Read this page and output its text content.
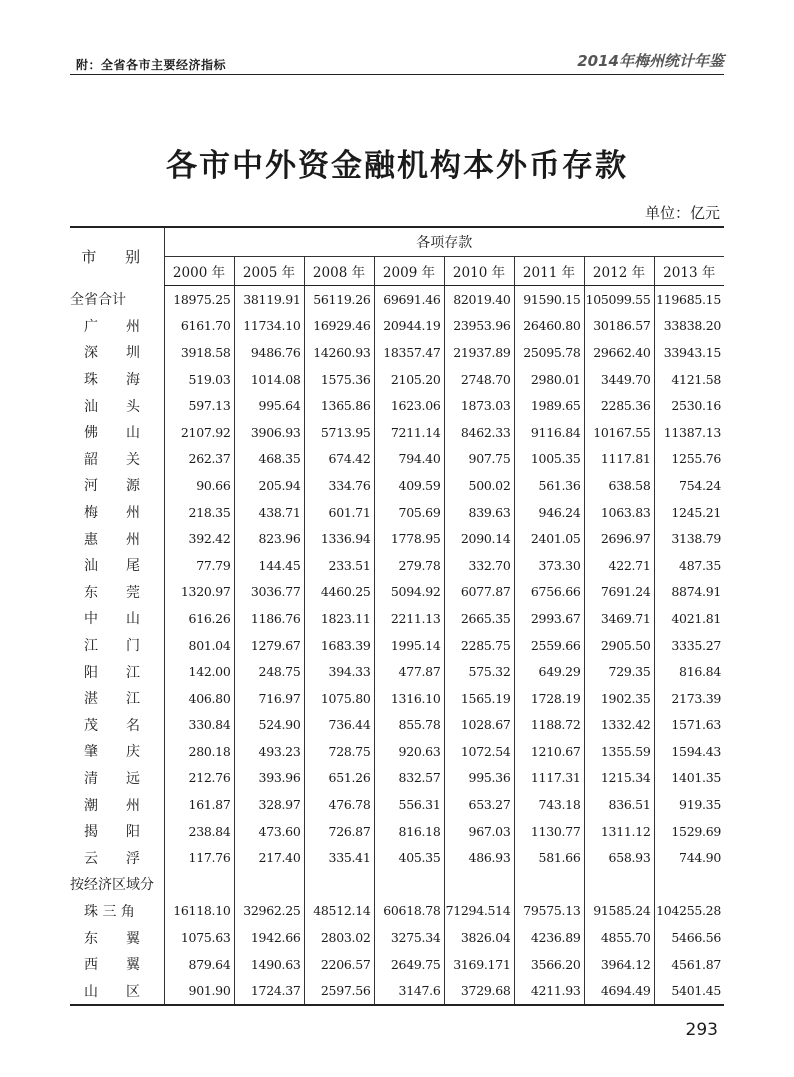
附：全省各市主要经济指标	2014年梅州统计年鉴
各市中外资金融机构本外币存款
单位：亿元
市 别	各项存款							
	2000 年	2005 年	2008 年	2009 年	2010 年	2011 年	2012 年	2013 年
全省合计	18975.25	38119.91	56119.26	69691.46	82019.40	91590.15	105099.55	119685.15
广　　州	6161.70	11734.10	16929.46	20944.19	23953.96	26460.80	30186.57	33838.20
深　　圳	3918.58	9486.76	14260.93	18357.47	21937.89	25095.78	29662.40	33943.15
珠　　海	519.03	1014.08	1575.36	2105.20	2748.70	2980.01	3449.70	4121.58
汕　　头	597.13	995.64	1365.86	1623.06	1873.03	1989.65	2285.36	2530.16
佛　　山	2107.92	3906.93	5713.95	7211.14	8462.33	9116.84	10167.55	11387.13
韶　　关	262.37	468.35	674.42	794.40	907.75	1005.35	1117.81	1255.76
河　　源	90.66	205.94	334.76	409.59	500.02	561.36	638.58	754.24
梅　　州	218.35	438.71	601.71	705.69	839.63	946.24	1063.83	1245.21
惠　　州	392.42	823.96	1336.94	1778.95	2090.14	2401.05	2696.97	3138.79
汕　　尾	77.79	144.45	233.51	279.78	332.70	373.30	422.71	487.35
东　　莞	1320.97	3036.77	4460.25	5094.92	6077.87	6756.66	7691.24	8874.91
中　　山	616.26	1186.76	1823.11	2211.13	2665.35	2993.67	3469.71	4021.81
江　　门	801.04	1279.67	1683.39	1995.14	2285.75	2559.66	2905.50	3335.27
阳　　江	142.00	248.75	394.33	477.87	575.32	649.29	729.35	816.84
湛　　江	406.80	716.97	1075.80	1316.10	1565.19	1728.19	1902.35	2173.39
茂　　名	330.84	524.90	736.44	855.78	1028.67	1188.72	1332.42	1571.63
肇　　庆	280.18	493.23	728.75	920.63	1072.54	1210.67	1355.59	1594.43
清　　远	212.76	393.96	651.26	832.57	995.36	1117.31	1215.34	1401.35
潮　　州	161.87	328.97	476.78	556.31	653.27	743.18	836.51	919.35
揭　　阳	238.84	473.60	726.87	816.18	967.03	1130.77	1311.12	1529.69
云　　浮	117.76	217.40	335.41	405.35	486.93	581.66	658.93	744.90
按经济区域分								
珠 三 角	16118.10	32962.25	48512.14	60618.78	71294.514	79575.13	91585.24	104255.28
东　　翼	1075.63	1942.66	2803.02	3275.34	3826.04	4236.89	4855.70	5466.56
西　　翼	879.64	1490.63	2206.57	2649.75	3169.171	3566.20	3964.12	4561.87
山　　区	901.90	1724.37	2597.56	3147.6	3729.68	4211.93	4694.49	5401.45
293
